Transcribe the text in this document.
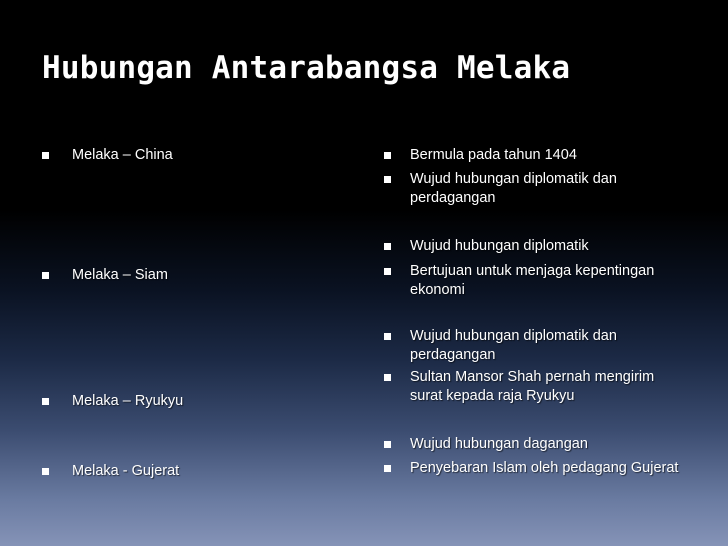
Hubungan Antarabangsa Melaka
Melaka – China
Melaka – Siam
Melaka – Ryukyu
Melaka - Gujerat
Bermula pada tahun 1404
Wujud hubungan diplomatik dan perdagangan
Wujud hubungan diplomatik
Bertujuan untuk menjaga kepentingan ekonomi
Wujud hubungan diplomatik dan perdagangan
Sultan Mansor Shah pernah mengirim surat kepada raja Ryukyu
Wujud hubungan dagangan
Penyebaran Islam oleh pedagang Gujerat
